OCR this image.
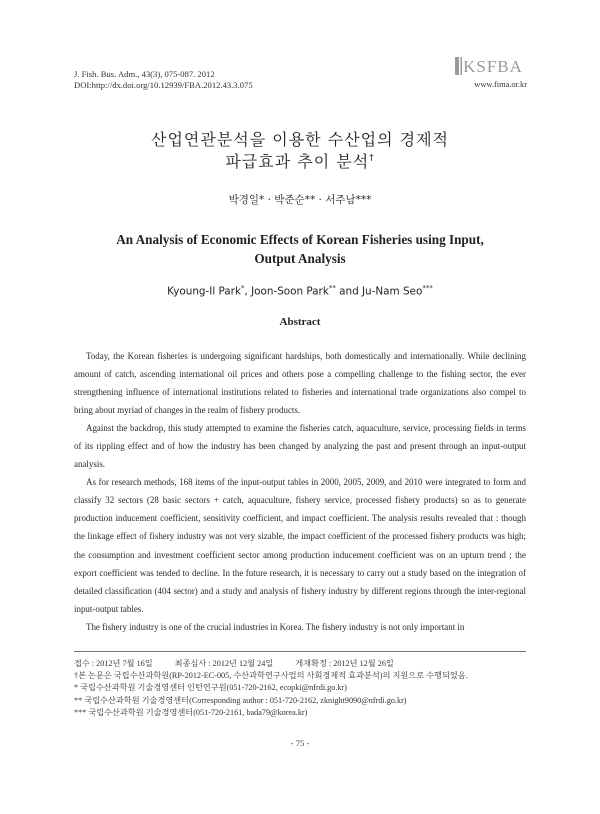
J. Fish. Bus. Adm., 43(3), 075-087. 2012
DOI:http://dx.doi.org/10.12939/FBA.2012.43.3.075
KSFBA
www.fima.or.kr
산업연관분석을 이용한 수산업의 경제적
파급효과 추이 분석†
박경일* · 박준순** · 서주남***
An Analysis of Economic Effects of Korean Fisheries using Input,
Output Analysis
Kyoung-Il Park*, Joon-Soon Park** and Ju-Nam Seo***
Abstract

Today, the Korean fisheries is undergoing significant hardships, both domestically and internationally. While declining amount of catch, ascending international oil prices and others pose a compelling challenge to the fishing sector, the ever strengthening influence of international institutions related to fisheries and international trade organizations also compel to bring about myriad of changes in the realm of fishery products.

Against the backdrop, this study attempted to examine the fisheries catch, aquaculture, service, processing fields in terms of its rippling effect and of how the industry has been changed by analyzing the past and present through an input-output analysis.

As for research methods, 168 items of the input-output tables in 2000, 2005, 2009, and 2010 were integrated to form and classify 32 sectors (28 basic sectors + catch, aquaculture, fishery service, processed fishery products) so as to generate production inducement coefficient, sensitivity coefficient, and impact coefficient. The analysis results revealed that : though the linkage effect of fishery industry was not very sizable, the impact coefficient of the processed fishery products was high; the consumption and investment coefficient sector among production inducement coefficient was on an upturn trend ; the export coefficient was tended to decline. In the future research, it is necessary to carry out a study based on the integration of detailed classification (404 sector) and a study and analysis of fishery industry by different regions through the inter-regional input-output tables.

The fishery industry is one of the crucial industries in Korea. The fishery industry is not only important in

접수 : 2012년 7월 16일	최종심사 : 2012년 12월 24일	게재확정 : 2012년 12월 26일
†본 논문은 국립수산과학원(RP-2012-EC-005, 수산과학연구사업의 사회경제적 효과분석)의 지원으로 수행되었음.
* 국립수산과학원 기술경영센터 인턴연구원(051-720-2162, ecopki@nfrdi.go.kr)
** 국립수산과학원 기술경영센터(Corresponding author : 051-720-2162, zknight9090@nfrdi.go.kr)
*** 국립수산과학원 기술경영센터(051-720-2161, bada79@korea.kr)
- 75 -
